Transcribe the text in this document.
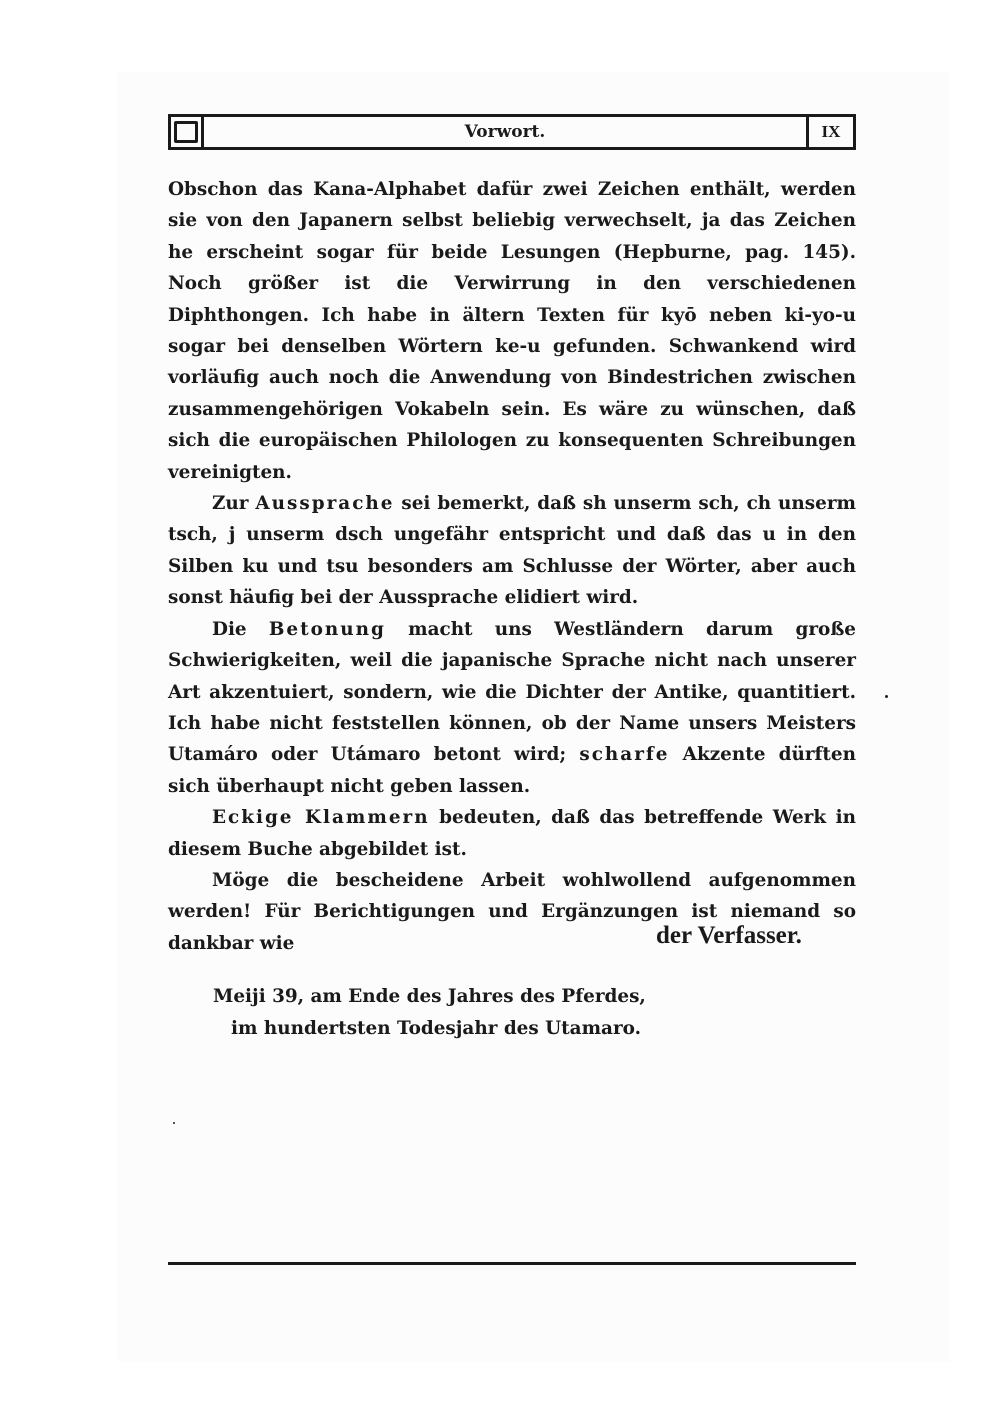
Vorwort.	IX

Obschon das Kana-Alphabet dafür zwei Zeichen enthält, werden sie von den Japanern selbst beliebig verwechselt, ja das Zeichen he erscheint sogar für beide Lesungen (Hepburne, pag. 145). Noch größer ist die Verwirrung in den verschiedenen Diphthongen. Ich habe in ältern Texten für kyō neben ki-yo-u sogar bei denselben Wörtern ke-u gefunden. Schwankend wird vorläufig auch noch die Anwendung von Bindestrichen zwischen zusammengehörigen Vokabeln sein. Es wäre zu wünschen, daß sich die europäischen Philologen zu konsequenten Schreibungen vereinigten.

Zur Aussprache sei bemerkt, daß sh unserm sch, ch unserm tsch, j unserm dsch ungefähr entspricht und daß das u in den Silben ku und tsu besonders am Schlusse der Wörter, aber auch sonst häufig bei der Aussprache elidiert wird.

Die Betonung macht uns Westländern darum große Schwierigkeiten, weil die japanische Sprache nicht nach unserer Art akzentuiert, sondern, wie die Dichter der Antike, quantitiert. Ich habe nicht feststellen können, ob der Name unsers Meisters Utamáro oder Utámaro betont wird; scharfe Akzente dürften sich überhaupt nicht geben lassen.

Eckige Klammern bedeuten, daß das betreffende Werk in diesem Buche abgebildet ist.

Möge die bescheidene Arbeit wohlwollend aufgenommen werden! Für Berichtigungen und Ergänzungen ist niemand so dankbar wie	der Verfasser.
Meiji 39, am Ende des Jahres des Pferdes,
im hundertsten Todesjahr des Utamaro.
